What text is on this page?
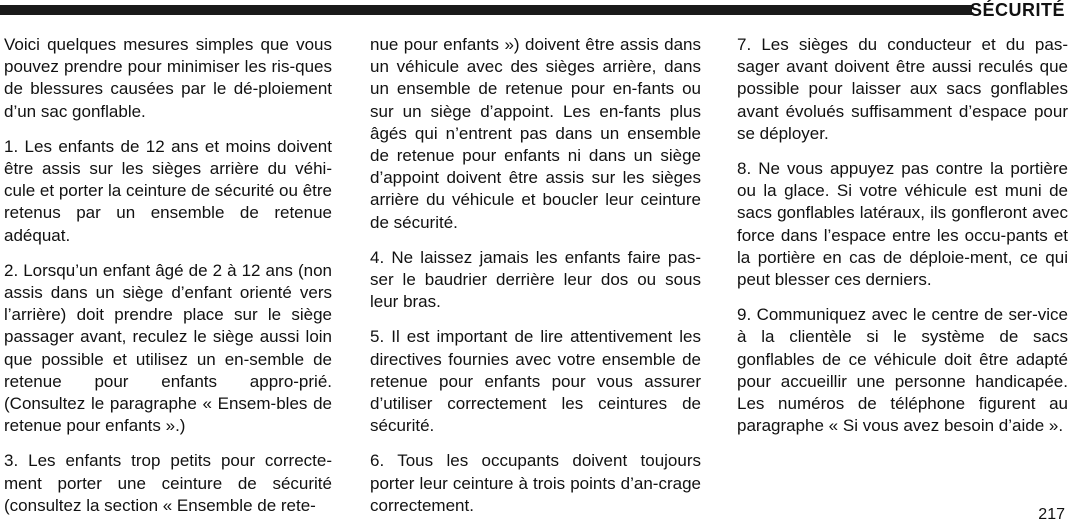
SÉCURITÉ

Voici quelques mesures simples que vous pouvez prendre pour minimiser les ris-ques de blessures causées par le dé-ploiement d’un sac gonflable.

1. Les enfants de 12 ans et moins doivent être assis sur les sièges arrière du véhi-cule et porter la ceinture de sécurité ou être retenus par un ensemble de retenue adéquat.

2. Lorsqu’un enfant âgé de 2 à 12 ans (non assis dans un siège d’enfant orienté vers l’arrière) doit prendre place sur le siège passager avant, reculez le siège aussi loin que possible et utilisez un en-semble de retenue pour enfants appro-prié. (Consultez le paragraphe « Ensem-bles de retenue pour enfants ».)

3. Les enfants trop petits pour correcte-ment porter une ceinture de sécurité (consultez la section « Ensemble de rete-

nue pour enfants ») doivent être assis dans un véhicule avec des sièges arrière, dans un ensemble de retenue pour en-fants ou sur un siège d’appoint. Les en-fants plus âgés qui n’entrent pas dans un ensemble de retenue pour enfants ni dans un siège d’appoint doivent être assis sur les sièges arrière du véhicule et boucler leur ceinture de sécurité.

4. Ne laissez jamais les enfants faire pas-ser le baudrier derrière leur dos ou sous leur bras.

5. Il est important de lire attentivement les directives fournies avec votre ensemble de retenue pour enfants pour vous assurer d’utiliser correctement les ceintures de sécurité.

6. Tous les occupants doivent toujours porter leur ceinture à trois points d’an-crage correctement.

7. Les sièges du conducteur et du pas-sager avant doivent être aussi reculés que possible pour laisser aux sacs gonflables avant évolués suffisamment d’espace pour se déployer.

8. Ne vous appuyez pas contre la portière ou la glace. Si votre véhicule est muni de sacs gonflables latéraux, ils gonfleront avec force dans l’espace entre les occu-pants et la portière en cas de déploie-ment, ce qui peut blesser ces derniers.

9. Communiquez avec le centre de ser-vice à la clientèle si le système de sacs gonflables de ce véhicule doit être adapté pour accueillir une personne handicapée. Les numéros de téléphone figurent au paragraphe « Si vous avez besoin d’aide ».

217
